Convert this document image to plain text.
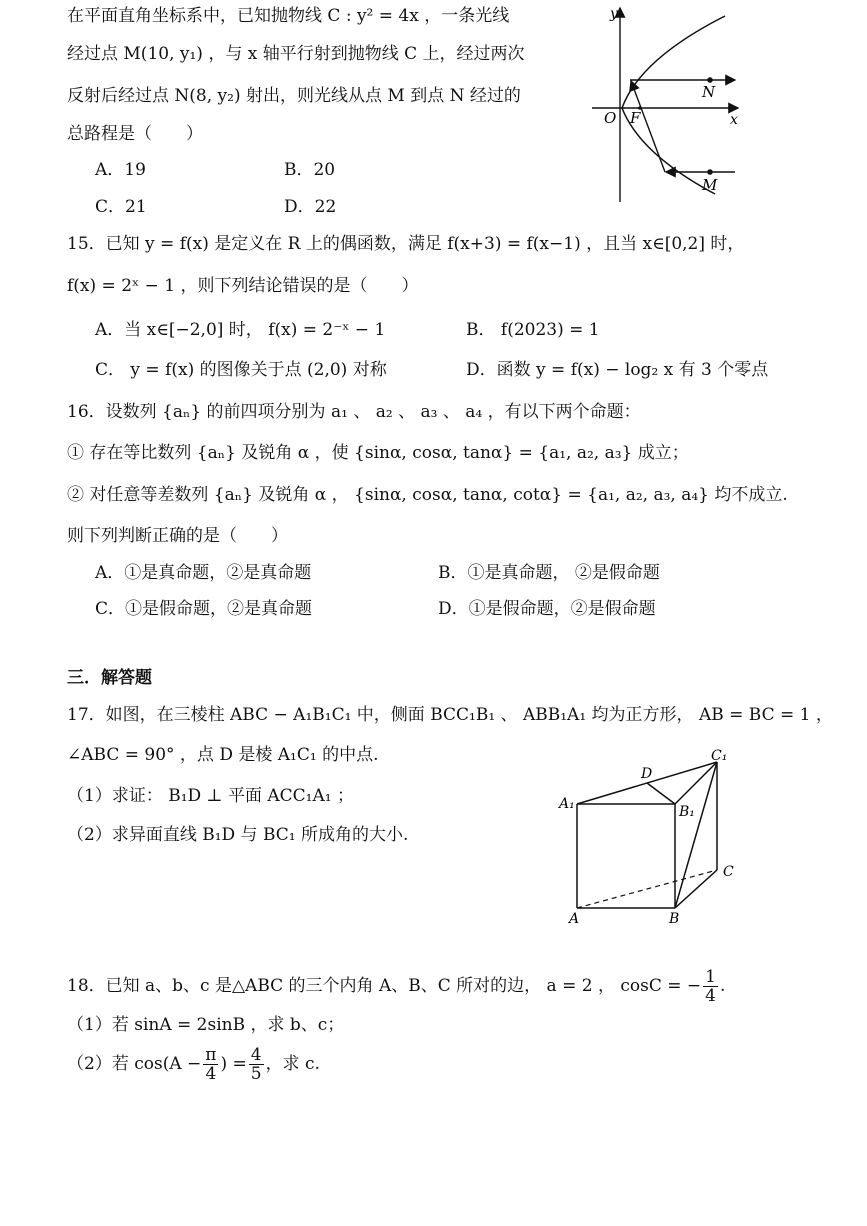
在平面直角坐标系中，已知抛物线 C : y² = 4x ，一条光线
经过点 M(10, y₁) ，与 x 轴平行射到抛物线 C 上，经过两次
反射后经过点 N(8, y₂) 射出，则光线从点 M 到点 N 经过的
总路程是（　　）
A．19	B．20
C．21	D．22
y
x
O F
N
M
15．已知 y = f(x) 是定义在 R 上的偶函数，满足 f(x+3) = f(x−1) ，且当 x∈[0,2] 时，
f(x) = 2ˣ − 1 ，则下列结论错误的是（　　）
A．当 x∈[−2,0] 时， f(x) = 2⁻ˣ − 1	B． f(2023) = 1
C． y = f(x) 的图像关于点 (2,0) 对称	D．函数 y = f(x) − log₂ x 有 3 个零点
16．设数列 {aₙ} 的前四项分别为 a₁ 、 a₂ 、 a₃ 、 a₄ ，有以下两个命题：
① 存在等比数列 {aₙ} 及锐角 α ，使 {sinα, cosα, tanα} = {a₁, a₂, a₃} 成立；
② 对任意等差数列 {aₙ} 及锐角 α ， {sinα, cosα, tanα, cotα} = {a₁, a₂, a₃, a₄} 均不成立.
则下列判断正确的是（　　）
A．①是真命题，②是真命题	B．①是真命题， ②是假命题
C．①是假命题，②是真命题	D．①是假命题，②是假命题
三．解答题
17．如图，在三棱柱 ABC − A₁B₁C₁ 中，侧面 BCC₁B₁ 、 ABB₁A₁ 均为正方形， AB = BC = 1 ，
∠ABC = 90° ，点 D 是棱 A₁C₁ 的中点.
（1）求证： B₁D ⊥ 平面 ACC₁A₁ ；
（2）求异面直线 B₁D 与 BC₁ 所成角的大小.
A₁	B₁
C₁
D
A	B
C
18．已知 a、b、c 是△ABC 的三个内角 A、B、C 所对的边， a = 2 ， cosC = − $\frac{1}{4}$ .
（1）若 sinA = 2sinB ，求 b、c；
（2）若 $\cos(A - \frac{\pi}{4}$ ) = $\frac{4}{5}$ ，求 c.
